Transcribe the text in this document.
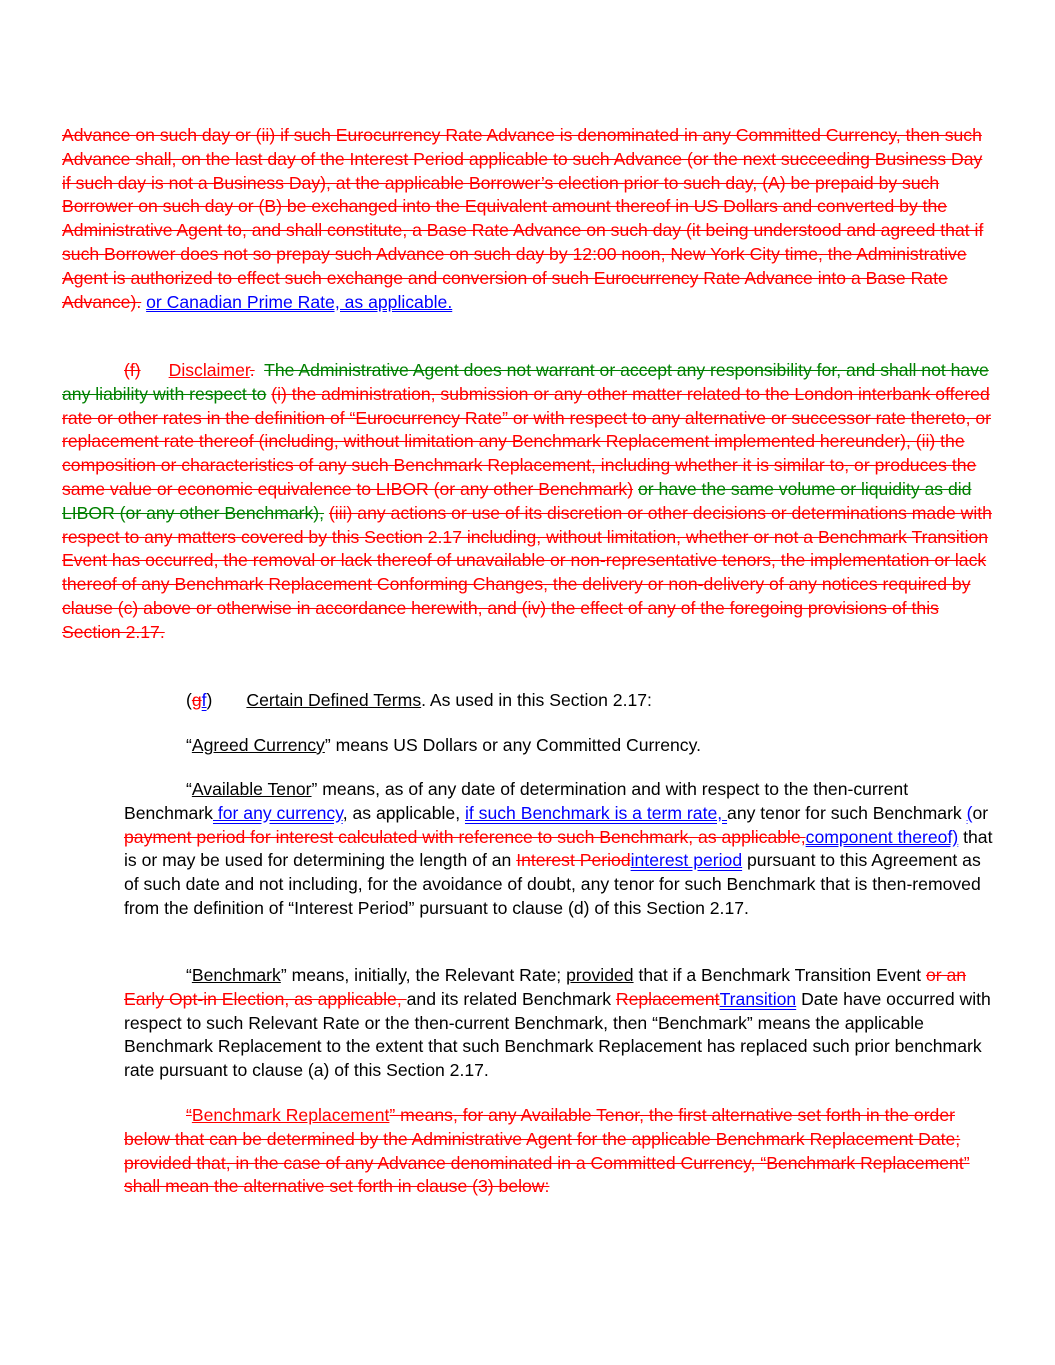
Advance on such day or (ii) if such Eurocurrency Rate Advance is denominated in any Committed Currency, then such Advance shall, on the last day of the Interest Period applicable to such Advance (or the next succeeding Business Day if such day is not a Business Day), at the applicable Borrower’s election prior to such day, (A) be prepaid by such Borrower on such day or (B) be exchanged into the Equivalent amount thereof in US Dollars and converted by the Administrative Agent to, and shall constitute, a Base Rate Advance on such day (it being understood and agreed that if such Borrower does not so prepay such Advance on such day by 12:00 noon, New York City time, the Administrative Agent is authorized to effect such exchange and conversion of such Eurocurrency Rate Advance into a Base Rate Advance). or Canadian Prime Rate, as applicable.

(f) Disclaimer. The Administrative Agent does not warrant or accept any responsibility for, and shall not have any liability with respect to (i) the administration, submission or any other matter related to the London interbank offered rate or other rates in the definition of “Eurocurrency Rate” or with respect to any alternative or successor rate thereto, or replacement rate thereof (including, without limitation any Benchmark Replacement implemented hereunder), (ii) the composition or characteristics of any such Benchmark Replacement, including whether it is similar to, or produces the same value or economic equivalence to LIBOR (or any other Benchmark) or have the same volume or liquidity as did LIBOR (or any other Benchmark), (iii) any actions or use of its discretion or other decisions or determinations made with respect to any matters covered by this Section 2.17 including, without limitation, whether or not a Benchmark Transition Event has occurred, the removal or lack thereof of unavailable or non-representative tenors, the implementation or lack thereof of any Benchmark Replacement Conforming Changes, the delivery or non-delivery of any notices required by clause (c) above or otherwise in accordance herewith, and (iv) the effect of any of the foregoing provisions of this Section 2.17.

(gf) Certain Defined Terms. As used in this Section 2.17:

“Agreed Currency” means US Dollars or any Committed Currency.

“Available Tenor” means, as of any date of determination and with respect to the then-current Benchmark for any currency, as applicable, if such Benchmark is a term rate, any tenor for such Benchmark (or payment period for interest calculated with reference to such Benchmark, as applicable,component thereof) that is or may be used for determining the length of an Interest Periodinterest period pursuant to this Agreement as of such date and not including, for the avoidance of doubt, any tenor for such Benchmark that is then-removed from the definition of “Interest Period” pursuant to clause (d) of this Section 2.17.

“Benchmark” means, initially, the Relevant Rate; provided that if a Benchmark Transition Event or an Early Opt-in Election, as applicable, and its related Benchmark ReplacementTransition Date have occurred with respect to such Relevant Rate or the then-current Benchmark, then “Benchmark” means the applicable Benchmark Replacement to the extent that such Benchmark Replacement has replaced such prior benchmark rate pursuant to clause (a) of this Section 2.17.

“Benchmark Replacement” means, for any Available Tenor, the first alternative set forth in the order below that can be determined by the Administrative Agent for the applicable Benchmark Replacement Date; provided that, in the case of any Advance denominated in a Committed Currency, “Benchmark Replacement” shall mean the alternative set forth in clause (3) below:
